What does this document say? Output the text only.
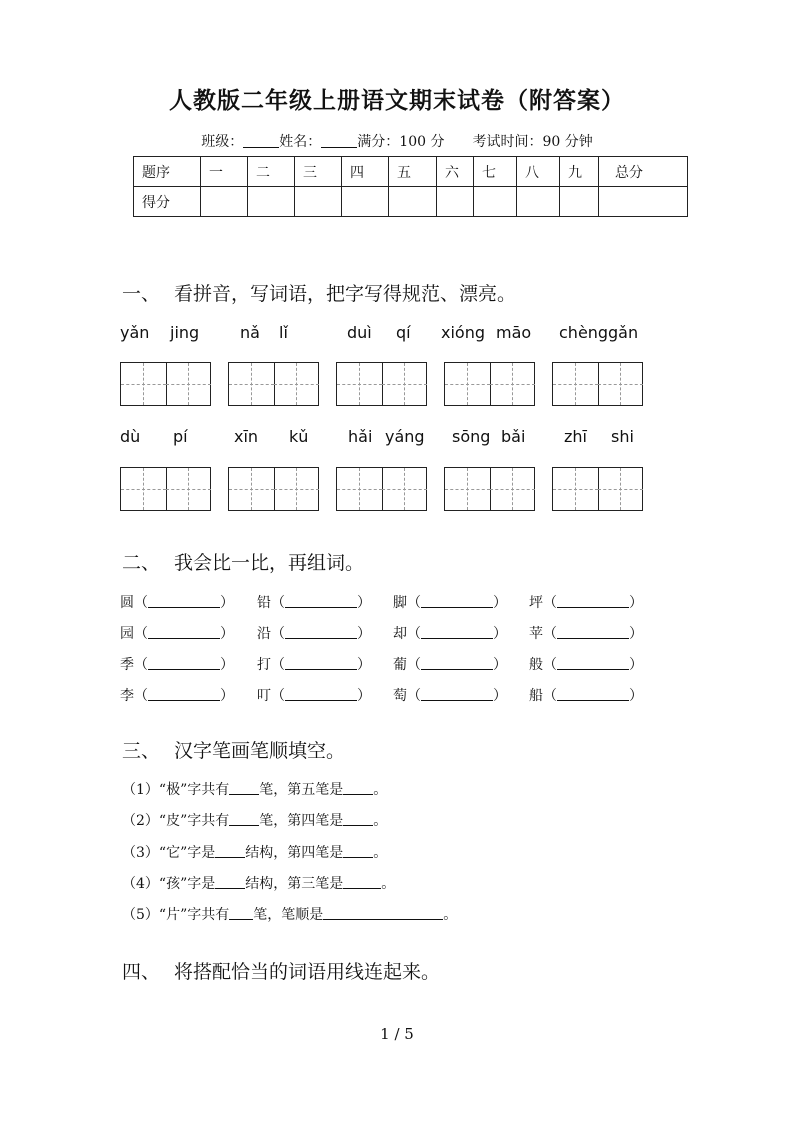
人教版二年级上册语文期末试卷（附答案）
班级：	姓名：	满分：100 分 考试时间：90 分钟
题序	一	二	三	四	五	六	七	八	九	总分
得分										
一、 看拼音，写词语，把字写得规范、漂亮。
yǎn jing	nǎ lǐ	duì qí xióng māo chèng gǎn
dù pí	xīn kǔ hǎi yáng sōng bǎi zhī shi
二、 我会比一比，再组词。
圆（	） 铅（	） 脚（	） 坪（	）
园（	） 沿（	） 却（	） 苹（	）
季（	） 打（	） 葡（	） 般（	）
李（	） 叮（	） 萄（	） 船（	）
三、 汉字笔画笔顺填空。
（1）“极”字共有 笔，第五笔是 。
（2）“皮”字共有 笔，第四笔是 。
（3）“它”字是 结构，第四笔是 。
（4）“孩”字是 结构，第三笔是	。
（5）“片”字共有 笔，笔顺是	。
四、 将搭配恰当的词语用线连起来。
1 / 5
